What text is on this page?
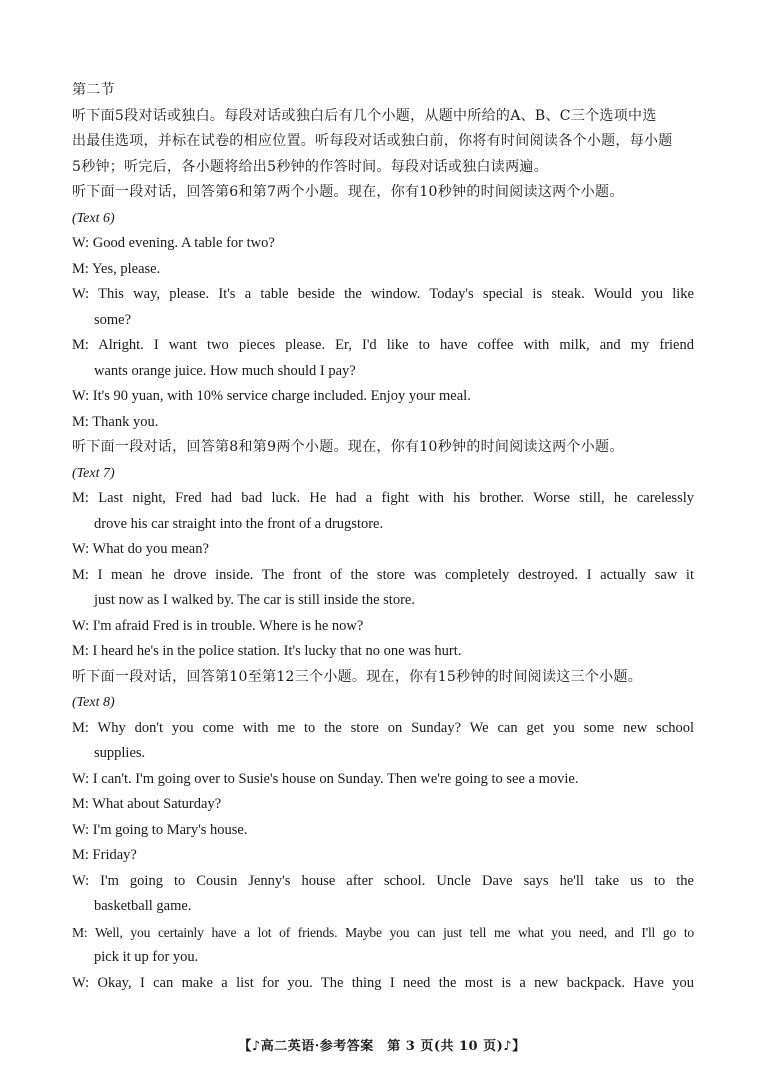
第二节
听下面5段对话或独白。每段对话或独白后有几个小题，从题中所给的A、B、C三个选项中选
出最佳选项，并标在试卷的相应位置。听每段对话或独白前，你将有时间阅读各个小题，每小题
5秒钟；听完后，各小题将给出5秒钟的作答时间。每段对话或独白读两遍。
听下面一段对话，回答第6和第7两个小题。现在，你有10秒钟的时间阅读这两个小题。
(Text 6)
W: Good evening. A table for two?
M: Yes, please.
W: This way, please. It's a table beside the window. Today's special is steak. Would you like
some?
M: Alright. I want two pieces please. Er, I'd like to have coffee with milk, and my friend
wants orange juice. How much should I pay?
W: It's 90 yuan, with 10% service charge included. Enjoy your meal.
M: Thank you.
听下面一段对话，回答第8和第9两个小题。现在，你有10秒钟的时间阅读这两个小题。
(Text 7)
M: Last night, Fred had bad luck. He had a fight with his brother. Worse still, he carelessly
drove his car straight into the front of a drugstore.
W: What do you mean?
M: I mean he drove inside. The front of the store was completely destroyed. I actually saw it
just now as I walked by. The car is still inside the store.
W: I'm afraid Fred is in trouble. Where is he now?
M: I heard he's in the police station. It's lucky that no one was hurt.
听下面一段对话，回答第10至第12三个小题。现在，你有15秒钟的时间阅读这三个小题。
(Text 8)
M: Why don't you come with me to the store on Sunday? We can get you some new school
supplies.
W: I can't. I'm going over to Susie's house on Sunday. Then we're going to see a movie.
M: What about Saturday?
W: I'm going to Mary's house.
M: Friday?
W: I'm going to Cousin Jenny's house after school. Uncle Dave says he'll take us to the
basketball game.
M: Well, you certainly have a lot of friends. Maybe you can just tell me what you need, and I'll go to
pick it up for you.
W: Okay, I can make a list for you. The thing I need the most is a new backpack. Have you
【♪高二英语·参考答案　第 3 页(共 10 页)♪】
